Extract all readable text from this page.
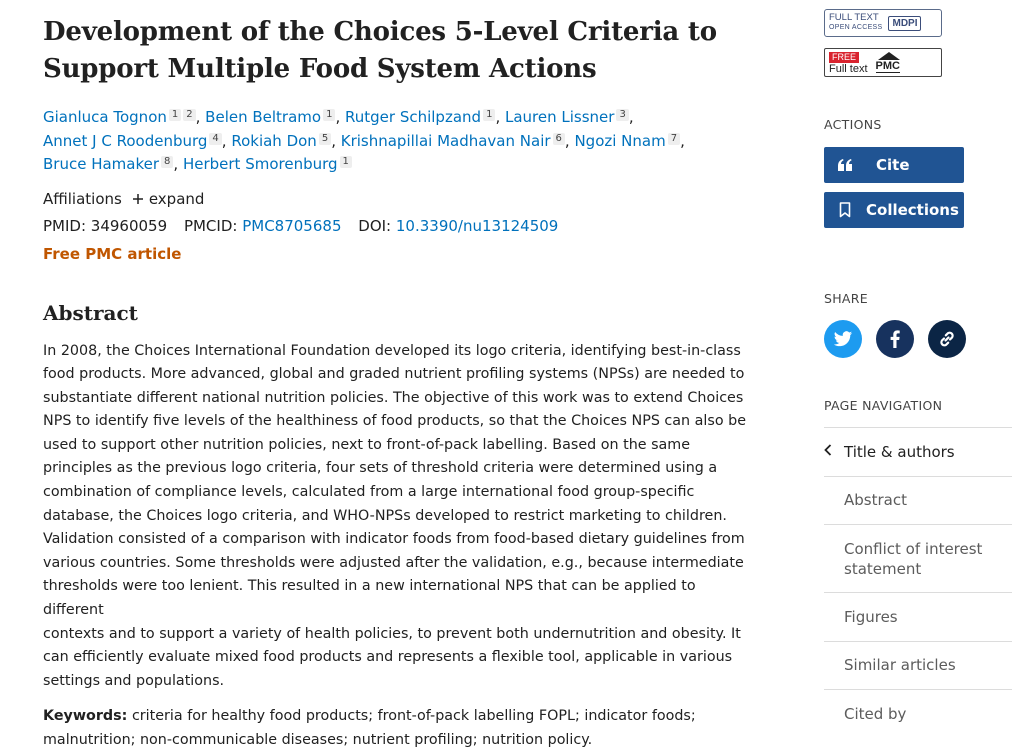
Development of the Choices 5-Level Criteria to
Support Multiple Food System Actions
Gianluca Tognon 1 2 , Belen Beltramo 1 , Rutger Schilpzand 1 , Lauren Lissner 3 ,
Annet J C Roodenburg 4 , Rokiah Don 5 , Krishnapillai Madhavan Nair 6 , Ngozi Nnam 7 ,
Bruce Hamaker 8 , Herbert Smorenburg 1
Affiliations expand
PMID: 34960059 PMCID: PMC8705685 DOI: 10.3390/nu13124509
Free PMC article
Abstract
In 2008, the Choices International Foundation developed its logo criteria, identifying best-in-class
food products. More advanced, global and graded nutrient profiling systems (NPSs) are needed to
substantiate different national nutrition policies. The objective of this work was to extend Choices
NPS to identify five levels of the healthiness of food products, so that the Choices NPS can also be
used to support other nutrition policies, next to front-of-pack labelling. Based on the same
principles as the previous logo criteria, four sets of threshold criteria were determined using a
combination of compliance levels, calculated from a large international food group-specific
database, the Choices logo criteria, and WHO-NPSs developed to restrict marketing to children.
Validation consisted of a comparison with indicator foods from food-based dietary guidelines from
various countries. Some thresholds were adjusted after the validation, e.g., because intermediate
thresholds were too lenient. This resulted in a new international NPS that can be applied to different
contexts and to support a variety of health policies, to prevent both undernutrition and obesity. It
can efficiently evaluate mixed food products and represents a flexible tool, applicable in various
settings and populations.
Keywords: criteria for healthy food products; front-of-pack labelling FOPL; indicator foods;
malnutrition; non-communicable diseases; nutrient profiling; nutrition policy.
FULL TEXT
OPEN ACCESS	MDPI
FREE
Full text PMC
ACTIONS
Cite
Collections
SHARE
PAGE NAVIGATION
Title & authors
Abstract
Conflict of interest
statement
Figures
Similar articles
Cited by
